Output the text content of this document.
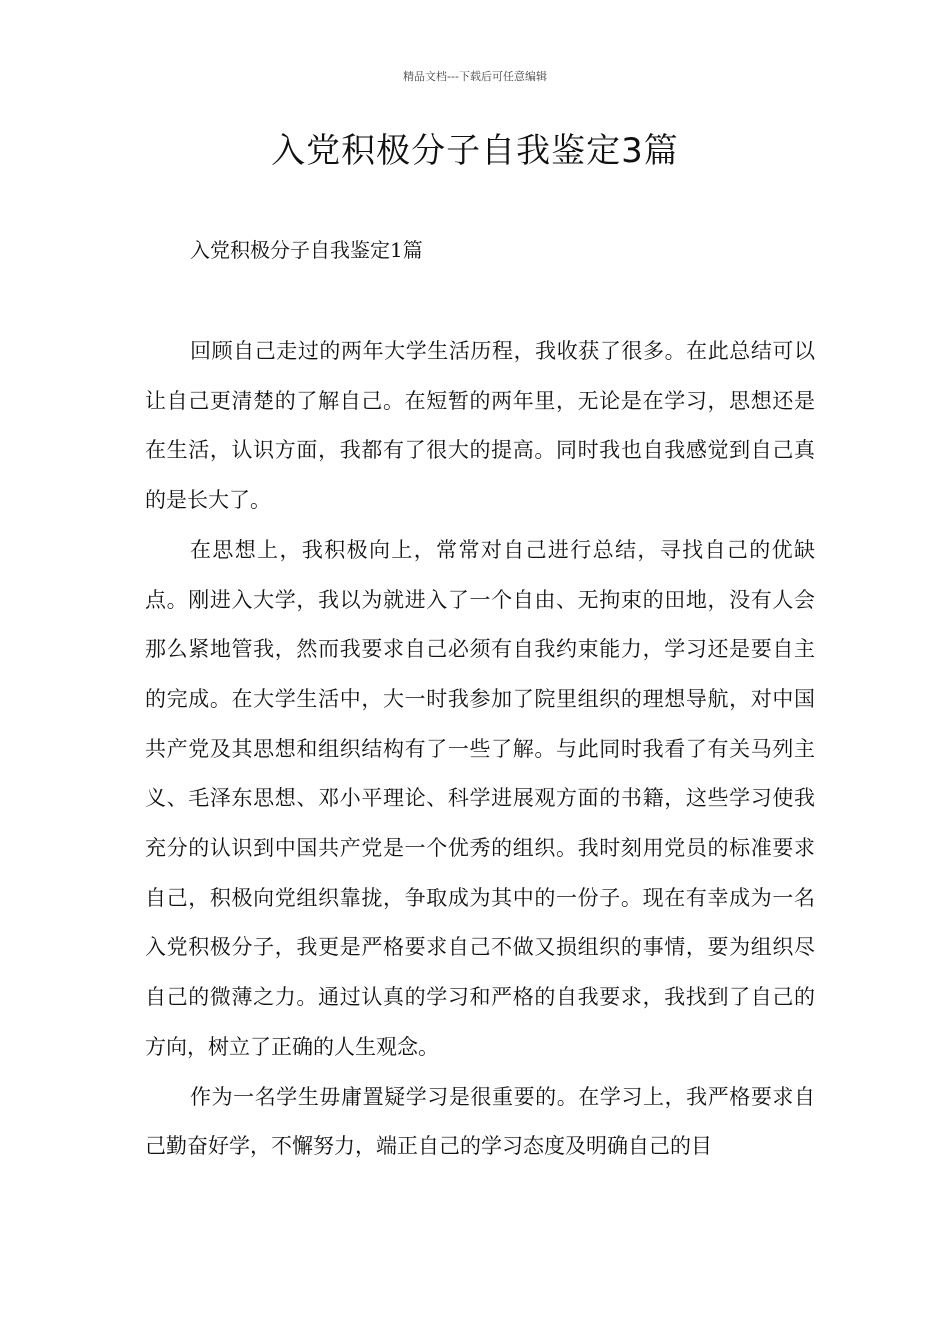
精品文档---下载后可任意编辑
入党积极分子自我鉴定3篇
入党积极分子自我鉴定1篇

回顾自己走过的两年大学生活历程，我收获了很多。在此总结可以让自己更清楚的了解自己。在短暂的两年里，无论是在学习，思想还是在生活，认识方面，我都有了很大的提高。同时我也自我感觉到自己真的是长大了。

在思想上，我积极向上，常常对自己进行总结，寻找自己的优缺点。刚进入大学，我以为就进入了一个自由、无拘束的田地，没有人会那么紧地管我，然而我要求自己必须有自我约束能力，学习还是要自主的完成。在大学生活中，大一时我参加了院里组织的理想导航，对中国共产党及其思想和组织结构有了一些了解。与此同时我看了有关马列主义、毛泽东思想、邓小平理论、科学进展观方面的书籍，这些学习使我充分的认识到中国共产党是一个优秀的组织。我时刻用党员的标准要求自己，积极向党组织靠拢，争取成为其中的一份子。现在有幸成为一名入党积极分子，我更是严格要求自己不做又损组织的事情，要为组织尽自己的微薄之力。通过认真的学习和严格的自我要求，我找到了自己的方向，树立了正确的人生观念。

作为一名学生毋庸置疑学习是很重要的。在学习上，我严格要求自己勤奋好学，不懈努力，端正自己的学习态度及明确自己的目
